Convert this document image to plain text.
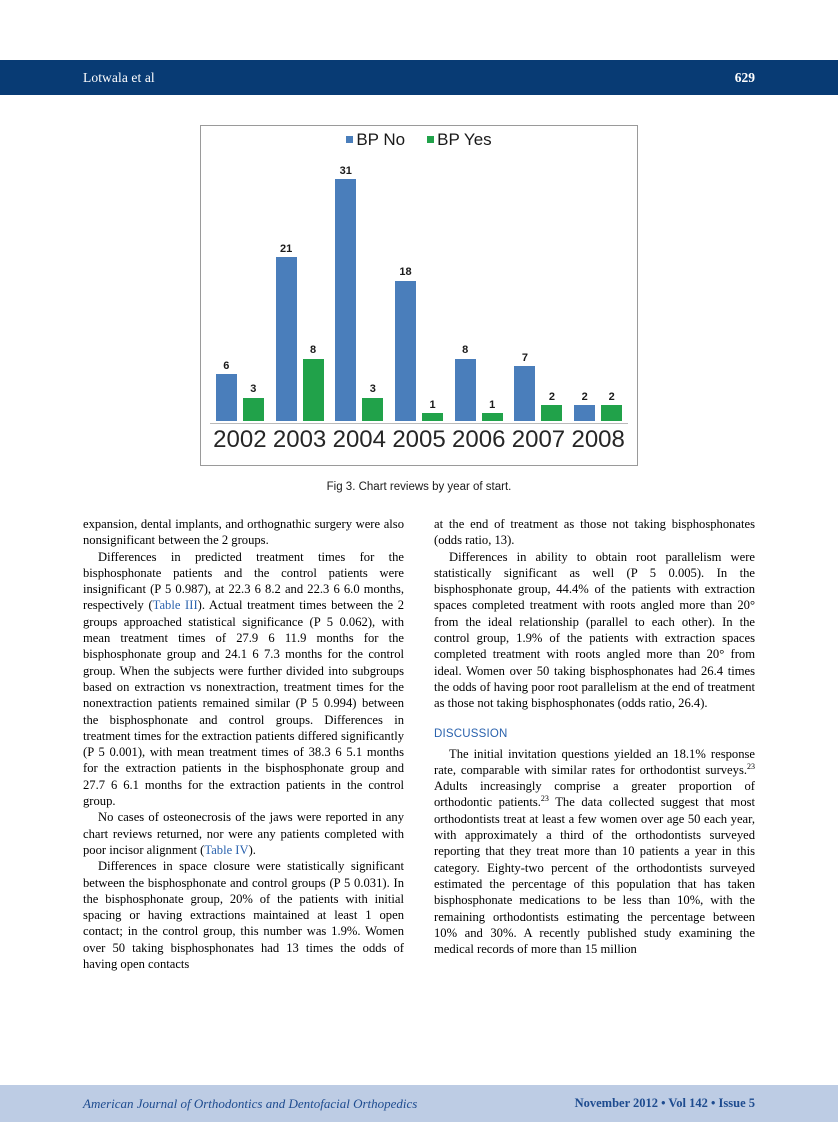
Lotwala et al	629
BP No BP Yes
6
3
21
8
31
3
18
1
8
1
7
2 2 2
2002 2003 2004 2005 2006 2007 2008
Fig 3. Chart reviews by year of start.

expansion, dental implants, and orthognathic surgery were also nonsignificant between the 2 groups.

Differences in predicted treatment times for the bisphosphonate patients and the control patients were insignificant (P 5 0.987), at 22.3 6 8.2 and 22.3 6 6.0 months, respectively (Table III). Actual treatment times between the 2 groups approached statistical significance (P 5 0.062), with mean treatment times of 27.9 6 11.9 months for the bisphosphonate group and 24.1 6 7.3 months for the control group. When the subjects were further divided into subgroups based on extraction vs nonextraction, treatment times for the nonextraction patients remained similar (P 5 0.994) between the bisphosphonate and control groups. Differences in treatment times for the extraction patients differed significantly (P 5 0.001), with mean treatment times of 38.3 6 5.1 months for the extraction patients in the bisphosphonate group and 27.7 6 6.1 months for the extraction patients in the control group.

No cases of osteonecrosis of the jaws were reported in any chart reviews returned, nor were any patients completed with poor incisor alignment (Table IV).

Differences in space closure were statistically significant between the bisphosphonate and control groups (P 5 0.031). In the bisphosphonate group, 20% of the patients with initial spacing or having extractions maintained at least 1 open contact; in the control group, this number was 1.9%. Women over 50 taking bisphosphonates had 13 times the odds of having open contacts

at the end of treatment as those not taking bisphosphonates (odds ratio, 13).

Differences in ability to obtain root parallelism were statistically significant as well (P 5 0.005). In the bisphosphonate group, 44.4% of the patients with extraction spaces completed treatment with roots angled more than 20° from the ideal relationship (parallel to each other). In the control group, 1.9% of the patients with extraction spaces completed treatment with roots angled more than 20° from ideal. Women over 50 taking bisphosphonates had 26.4 times the odds of having poor root parallelism at the end of treatment as those not taking bisphosphonates (odds ratio, 26.4).

DISCUSSION

The initial invitation questions yielded an 18.1% response rate, comparable with similar rates for orthodontist surveys.$^{23}$ Adults increasingly comprise a greater proportion of orthodontic patients.$^{23}$ The data collected suggest that most orthodontists treat at least a few women over age 50 each year, with approximately a third of the orthodontists surveyed reporting that they treat more than 10 patients a year in this category. Eighty-two percent of the orthodontists surveyed estimated the percentage of this population that has taken bisphosphonate medications to be less than 10%, with the remaining orthodontists estimating the percentage between 10% and 30%. A recently published study examining the medical records of more than 15 million

American Journal of Orthodontics and Dentofacial Orthopedics	November 2012 • Vol 142 • Issue 5
